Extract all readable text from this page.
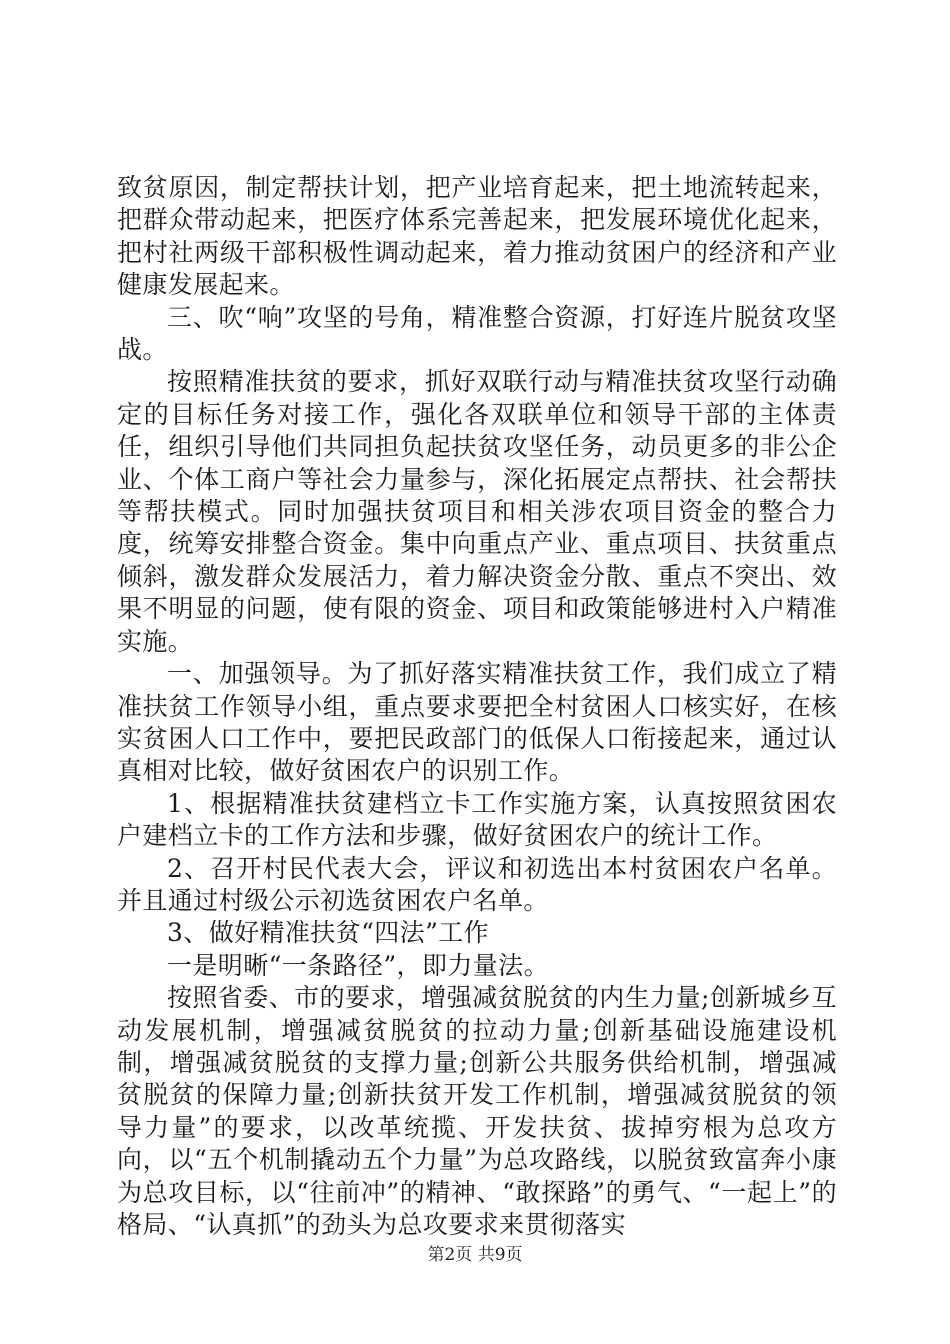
致贫原因，制定帮扶计划，把产业培育起来，把土地流转起来，把群众带动起来，把医疗体系完善起来，把发展环境优化起来，把村社两级干部积极性调动起来，着力推动贫困户的经济和产业健康发展起来。

三、吹“响”攻坚的号角，精准整合资源，打好连片脱贫攻坚战。

按照精准扶贫的要求，抓好双联行动与精准扶贫攻坚行动确定的目标任务对接工作，强化各双联单位和领导干部的主体责任，组织引导他们共同担负起扶贫攻坚任务，动员更多的非公企业、个体工商户等社会力量参与，深化拓展定点帮扶、社会帮扶等帮扶模式。同时加强扶贫项目和相关涉农项目资金的整合力度，统筹安排整合资金。集中向重点产业、重点项目、扶贫重点倾斜，激发群众发展活力，着力解决资金分散、重点不突出、效果不明显的问题，使有限的资金、项目和政策能够进村入户精准实施。

一、加强领导。为了抓好落实精准扶贫工作，我们成立了精准扶贫工作领导小组，重点要求要把全村贫困人口核实好，在核实贫困人口工作中，要把民政部门的低保人口衔接起来，通过认真相对比较，做好贫困农户的识别工作。

1、根据精准扶贫建档立卡工作实施方案，认真按照贫困农户建档立卡的工作方法和步骤，做好贫困农户的统计工作。

2、召开村民代表大会，评议和初选出本村贫困农户名单。并且通过村级公示初选贫困农户名单。

3、做好精准扶贫“四法”工作

一是明晰“一条路径”，即力量法。

按照省委、市的要求，增强减贫脱贫的内生力量;创新城乡互动发展机制，增强减贫脱贫的拉动力量;创新基础设施建设机制，增强减贫脱贫的支撑力量;创新公共服务供给机制，增强减贫脱贫的保障力量;创新扶贫开发工作机制，增强减贫脱贫的领导力量”的要求，以改革统揽、开发扶贫、拔掉穷根为总攻方向，以“五个机制撬动五个力量”为总攻路线，以脱贫致富奔小康为总攻目标，以“往前冲”的精神、“敢探路”的勇气、“一起上”的格局、“认真抓”的劲头为总攻要求来贯彻落实

第2页 共9页
